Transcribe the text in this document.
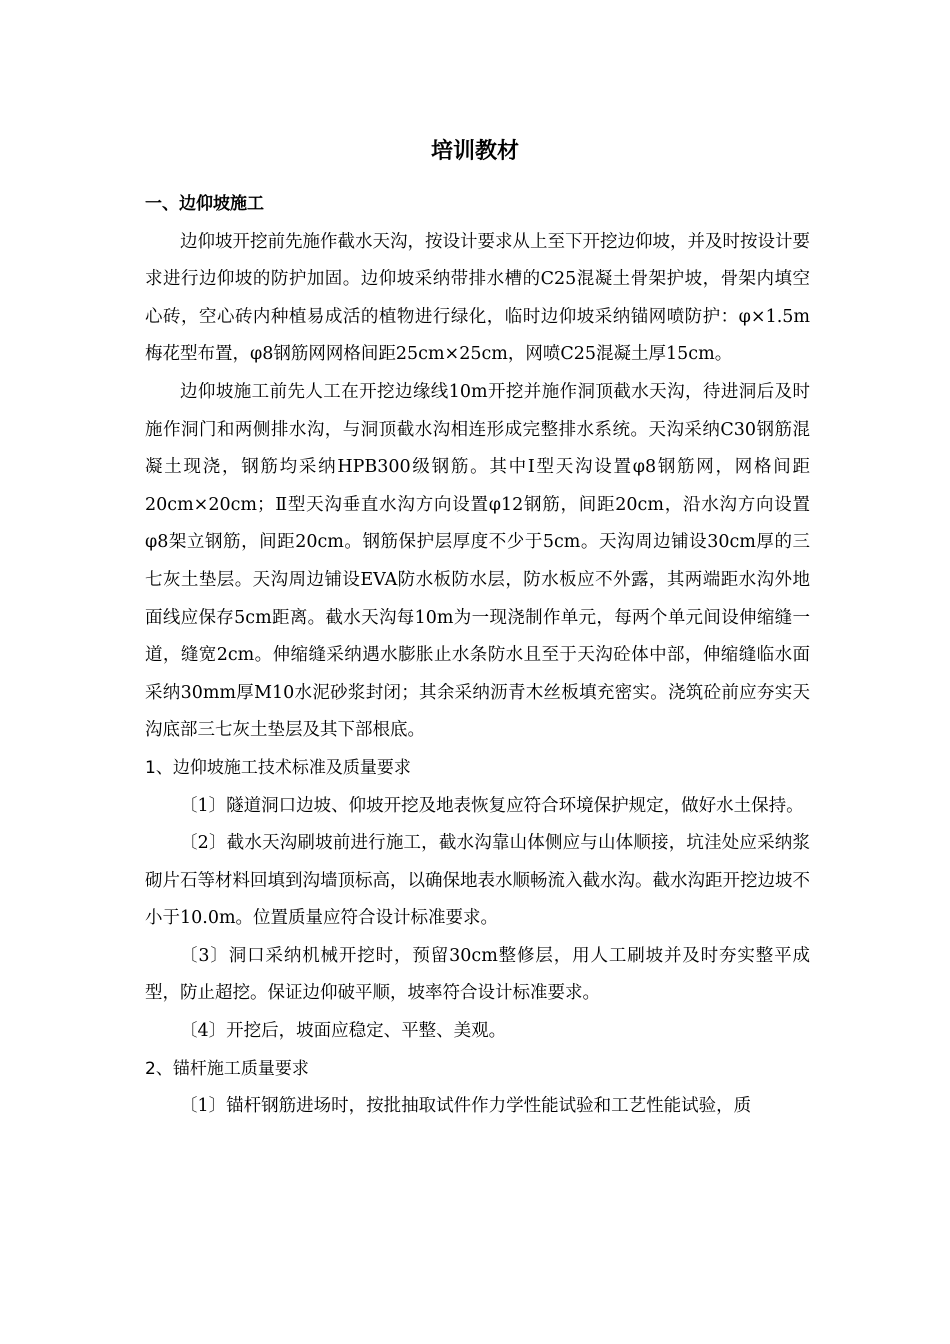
培训教材
一、边仰坡施工
边仰坡开挖前先施作截水天沟，按设计要求从上至下开挖边仰坡，并及时按设计要求进行边仰坡的防护加固。边仰坡采纳带排水槽的C25混凝土骨架护坡，骨架内填空心砖，空心砖内种植易成活的植物进行绿化，临时边仰坡采纳锚网喷防护：φ×1.5m梅花型布置，φ8钢筋网网格间距25cm×25cm，网喷C25混凝土厚15cm。
边仰坡施工前先人工在开挖边缘线10m开挖并施作洞顶截水天沟，待进洞后及时施作洞门和两侧排水沟，与洞顶截水沟相连形成完整排水系统。天沟采纳C30钢筋混凝土现浇，钢筋均采纳HPB300级钢筋。其中Ⅰ型天沟设置φ8钢筋网，网格间距20cm×20cm；Ⅱ型天沟垂直水沟方向设置φ12钢筋，间距20cm，沿水沟方向设置φ8架立钢筋，间距20cm。钢筋保护层厚度不少于5cm。天沟周边铺设30cm厚的三七灰土垫层。天沟周边铺设EVA防水板防水层，防水板应不外露，其两端距水沟外地面线应保存5cm距离。截水天沟每10m为一现浇制作单元，每两个单元间设伸缩缝一道，缝宽2cm。伸缩缝采纳遇水膨胀止水条防水且至于天沟砼体中部，伸缩缝临水面采纳30mm厚M10水泥砂浆封闭；其余采纳沥青木丝板填充密实。浇筑砼前应夯实天沟底部三七灰土垫层及其下部根底。
1、边仰坡施工技术标准及质量要求
〔1〕隧道洞口边坡、仰坡开挖及地表恢复应符合环境保护规定，做好水土保持。
〔2〕截水天沟刷坡前进行施工，截水沟靠山体侧应与山体顺接，坑洼处应采纳浆砌片石等材料回填到沟墙顶标高，以确保地表水顺畅流入截水沟。截水沟距开挖边坡不小于10.0m。位置质量应符合设计标准要求。
〔3〕洞口采纳机械开挖时，预留30cm整修层，用人工刷坡并及时夯实整平成型，防止超挖。保证边仰破平顺，坡率符合设计标准要求。
〔4〕开挖后，坡面应稳定、平整、美观。
2、锚杆施工质量要求
〔1〕锚杆钢筋进场时，按批抽取试件作力学性能试验和工艺性能试验，质
